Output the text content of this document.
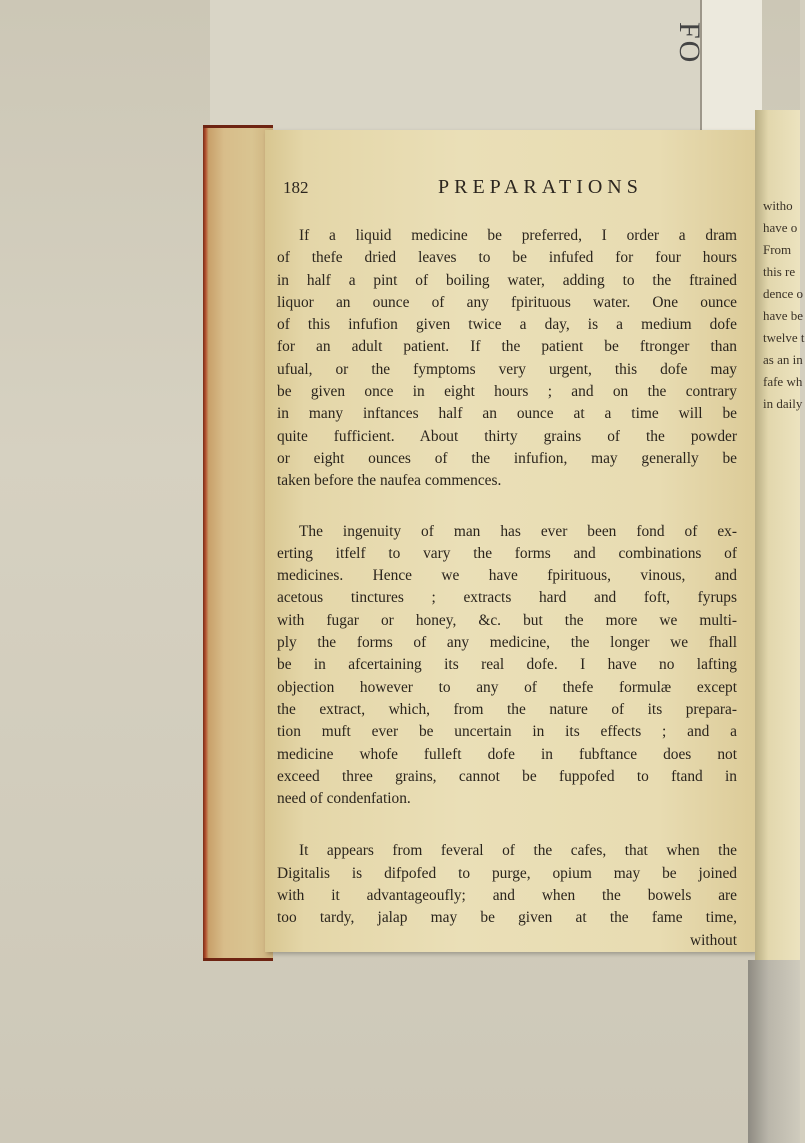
FO
witho
have o
From
this re
dence o
have be
twelve t
as an in
fafe wh
in daily
182	PREPARATIONS
If a liquid medicine be preferred, I order a dram
of thefe dried leaves to be infufed for four hours
in half a pint of boiling water, adding to the ftrained
liquor an ounce of any fpirituous water. One ounce
of this infufion given twice a day, is a medium dofe
for an adult patient. If the patient be ftronger than
ufual, or the fymptoms very urgent, this dofe may
be given once in eight hours ; and on the contrary
in many inftances half an ounce at a time will be
quite fufficient. About thirty grains of the powder
or eight ounces of the infufion, may generally be
taken before the naufea commences.
The ingenuity of man has ever been fond of ex-
erting itfelf to vary the forms and combinations of
medicines. Hence we have fpirituous, vinous, and
acetous tinctures ; extracts hard and foft, fyrups
with fugar or honey, &c. but the more we multi-
ply the forms of any medicine, the longer we fhall
be in afcertaining its real dofe. I have no lafting
objection however to any of thefe formulæ except
the extract, which, from the nature of its prepara-
tion muft ever be uncertain in its effects ; and a
medicine whofe fulleft dofe in fubftance does not
exceed three grains, cannot be fuppofed to ftand in
need of condenfation.
It appears from feveral of the cafes, that when the
Digitalis is difpofed to purge, opium may be joined
with it advantageoufly; and when the bowels are
too tardy, jalap may be given at the fame time,
without
